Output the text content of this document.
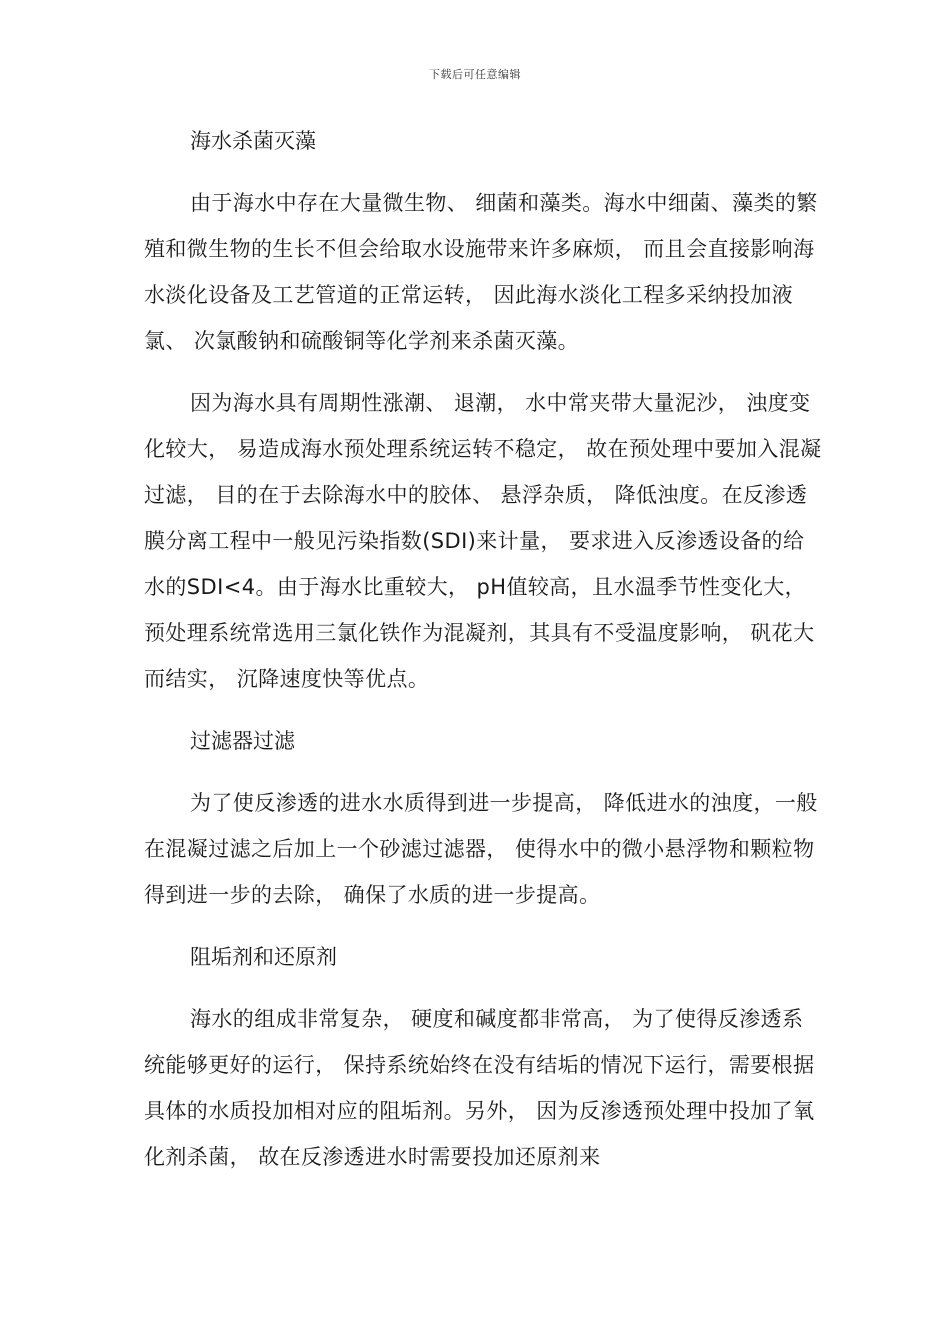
下载后可任意编辑
海水杀菌灭藻

由于海水中存在大量微生物、 细菌和藻类。海水中细菌、藻类的繁殖和微生物的生长不但会给取水设施带来许多麻烦， 而且会直接影响海水淡化设备及工艺管道的正常运转， 因此海水淡化工程多采纳投加液氯、 次氯酸钠和硫酸铜等化学剂来杀菌灭藻。

因为海水具有周期性涨潮、 退潮， 水中常夹带大量泥沙， 浊度变化较大， 易造成海水预处理系统运转不稳定， 故在预处理中要加入混凝过滤， 目的在于去除海水中的胶体、 悬浮杂质， 降低浊度。在反渗透膜分离工程中一般见污染指数(SDI)来计量， 要求进入反渗透设备的给水的SDI<4。由于海水比重较大， pH值较高，且水温季节性变化大， 预处理系统常选用三氯化铁作为混凝剂，其具有不受温度影响， 矾花大而结实， 沉降速度快等优点。

过滤器过滤

为了使反渗透的进水水质得到进一步提高， 降低进水的浊度，一般在混凝过滤之后加上一个砂滤过滤器， 使得水中的微小悬浮物和颗粒物得到进一步的去除， 确保了水质的进一步提高。

阻垢剂和还原剂

海水的组成非常复杂， 硬度和碱度都非常高， 为了使得反渗透系统能够更好的运行， 保持系统始终在没有结垢的情况下运行，需要根据具体的水质投加相对应的阻垢剂。另外， 因为反渗透预处理中投加了氧化剂杀菌， 故在反渗透进水时需要投加还原剂来
